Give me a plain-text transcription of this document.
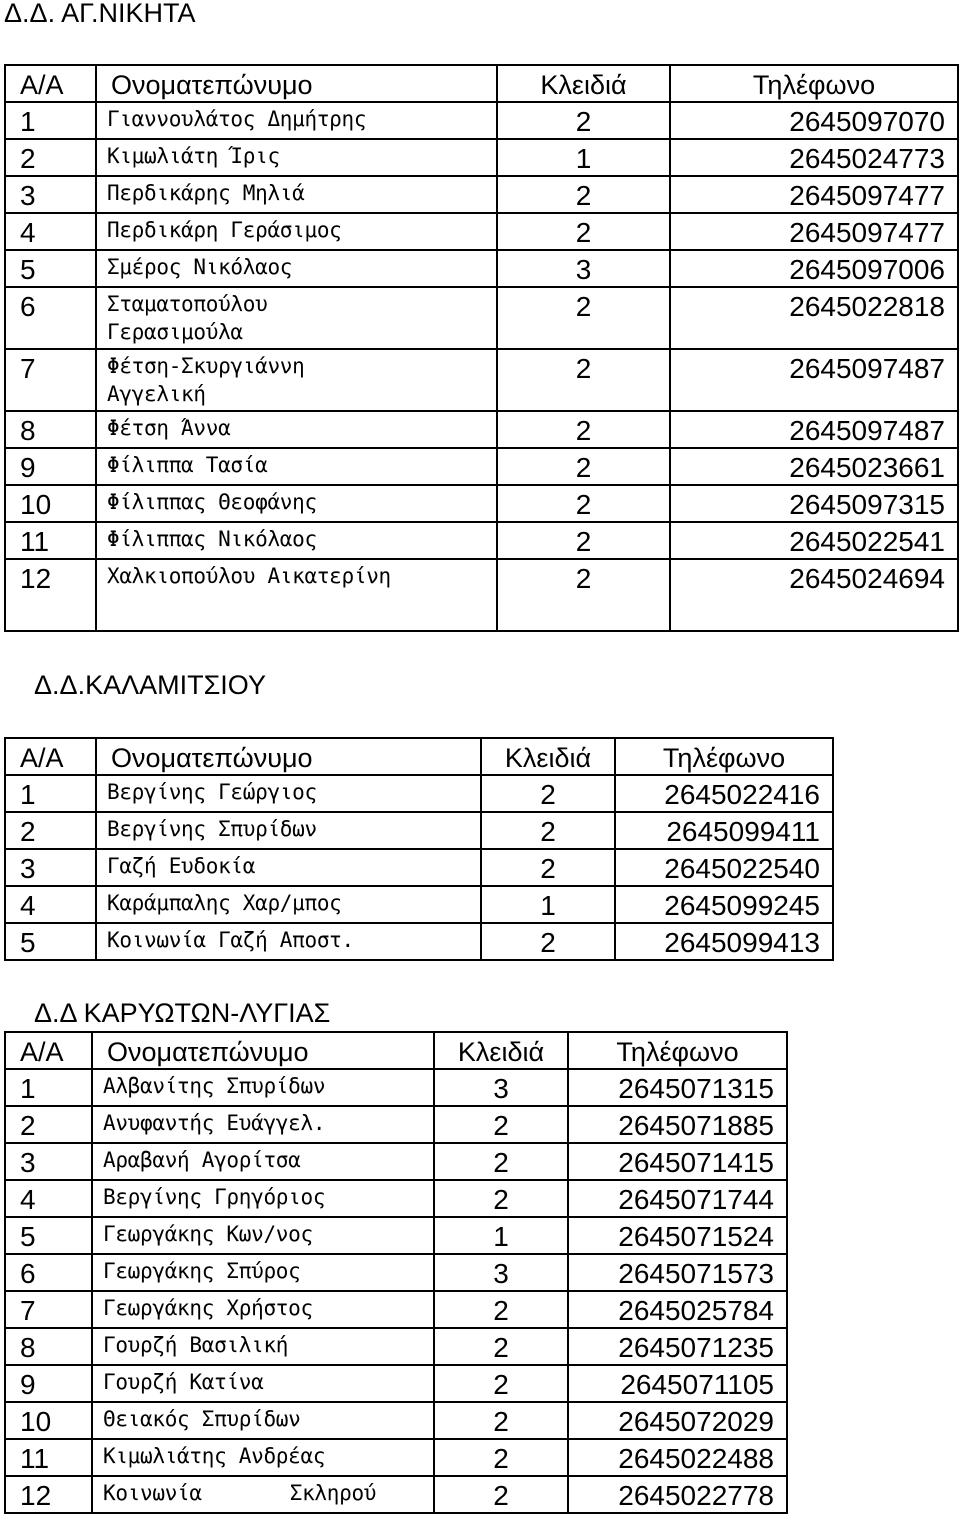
Δ.Δ. ΑΓ.ΝΙΚΗΤΑ
Α/Α	Ονοματεπώνυμο	Κλειδιά	Τηλέφωνο
1	Γιαννουλάτος Δημήτρης	2	2645097070
2	Κιμωλιάτη Ίρις	1	2645024773
3	Περδικάρης Μηλιά	2	2645097477
4	Περδικάρη Γεράσιμος	2	2645097477
5	Σμέρος Νικόλαος	3	2645097006
6	Σταματοπούλου Γερασιμούλα	2	2645022818
7	Φέτση-Σκυργιάννη Αγγελική	2	2645097487
8	Φέτση Άννα	2	2645097487
9	Φίλιππα Τασία	2	2645023661
10	Φίλιππας Θεοφάνης	2	2645097315
11	Φίλιππας Νικόλαος	2	2645022541
12	Χαλκιοπούλου Αικατερίνη	2	2645024694
Δ.Δ.ΚΑΛΑΜΙΤΣΙΟΥ
Α/Α	Ονοματεπώνυμο	Κλειδιά	Τηλέφωνο
1	Βεργίνης Γεώργιος	2	2645022416
2	Βεργίνης Σπυρίδων	2	2645099411
3	Γαζή Ευδοκία	2	2645022540
4	Καράμπαλης Χαρ/μπος	1	2645099245
5	Κοινωνία Γαζή Αποστ.	2	2645099413
Δ.Δ ΚΑΡΥΩΤΩΝ-ΛΥΓΙΑΣ
Α/Α	Ονοματεπώνυμο	Κλειδιά	Τηλέφωνο
1	Αλβανίτης Σπυρίδων	3	2645071315
2	Ανυφαντής Ευάγγελ.	2	2645071885
3	Αραβανή Αγορίτσα	2	2645071415
4	Βεργίνης Γρηγόριος	2	2645071744
5	Γεωργάκης Κων/νος	1	2645071524
6	Γεωργάκης Σπύρος	3	2645071573
7	Γεωργάκης Χρήστος	2	2645025784
8	Γουρζή Βασιλική	2	2645071235
9	Γουρζή Κατίνα	2	2645071105
10	Θειακός Σπυρίδων	2	2645072029
11	Κιμωλιάτης Ανδρέας	2	2645022488
12	Κοινωνία Σκληρού	2	2645022778
